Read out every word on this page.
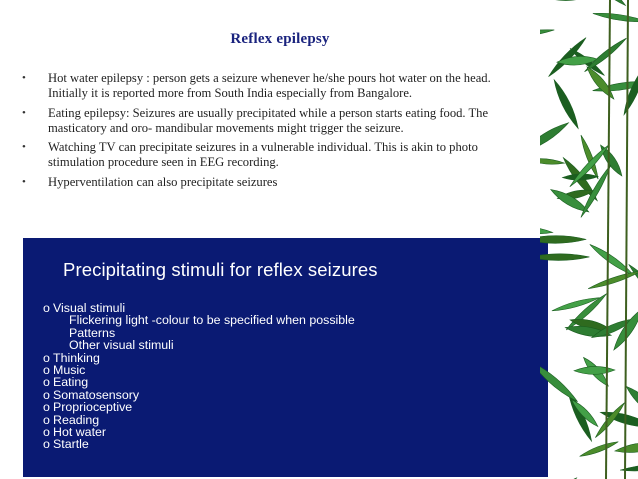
Reflex epilepsy
• Hot water epilepsy : person gets a seizure whenever he/she pours hot water on the head. Initially it is reported more from South India especially from Bangalore.
• Eating epilepsy: Seizures are usually precipitated while a person starts eating food. The masticatory and oro- mandibular movements might trigger the seizure.
• Watching TV can precipitate seizures in a vulnerable individual. This is akin to photo stimulation procedure seen in EEG recording.
• Hyperventilation can also precipitate seizures
Precipitating stimuli for reflex seizures
o Visual stimuli
Flickering light -colour to be specified when possible
Patterns
Other visual stimuli
o Thinking
o Music
o Eating
o Somatosensory
o Proprioceptive
o Reading
o Hot water
o Startle
